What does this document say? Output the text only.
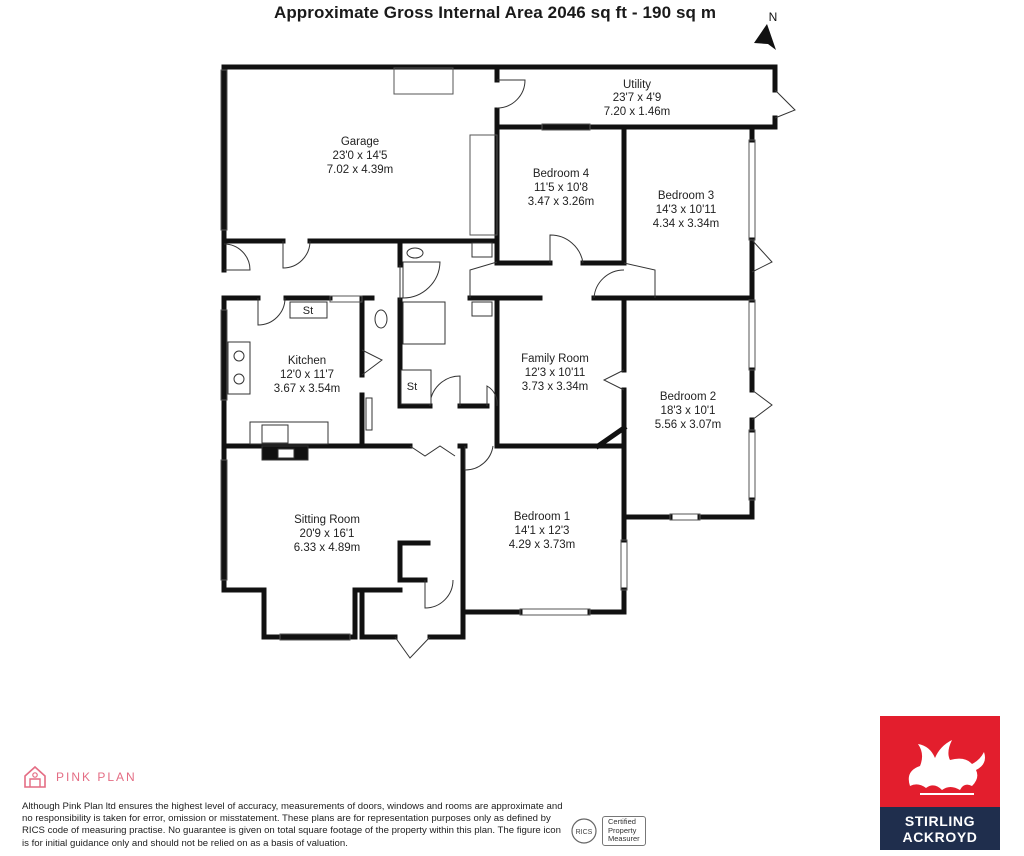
Approximate Gross Internal Area 2046 sq ft - 190 sq m	N
Utility
23'7 x 4'9
7.20 x 1.46m
Garage
23'0 x 14'5
7.02 x 4.39m	Bedroom 4
11'5 x 10'8
3.47 x 3.26m	Bedroom 3
14'3 x 10'11
4.34 x 3.34m
Kitchen
12'0 x 11'7
3.67 x 3.54m
Family Room
12'3 x 10'11
3.73 x 3.34m
Bedroom 2
18'3 x 10'1
5.56 x 3.07m
Sitting Room
20'9 x 16'1
6.33 x 4.89m
Bedroom 1
14'1 x 12'3
4.29 x 3.73m
St
St
PINK PLAN
Although Pink Plan ltd ensures the highest level of accuracy, measurements of doors, windows and rooms are approximate and no responsibility is taken for error, omission or misstatement. These plans are for representation purposes only as defined by RICS code of measuring practise. No guarantee is given on total square footage of the property within this plan. The figure icon is for initial guidance only and should not be relied on as a basis of valuation.
RICS
Certified
Property
Measurer
STIRLING
ACKROYD
